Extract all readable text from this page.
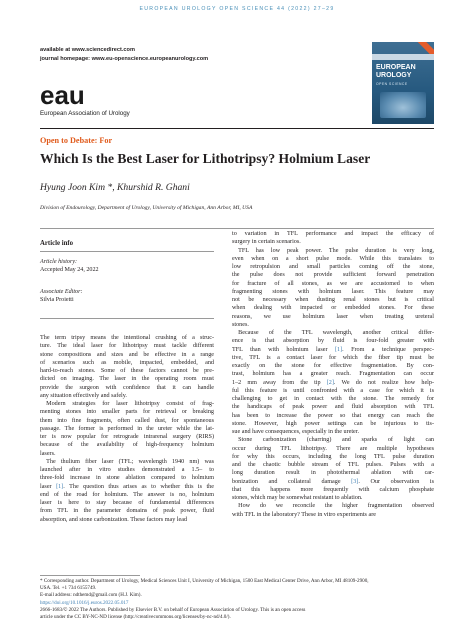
EUROPEAN UROLOGY OPEN SCIENCE 44 (2022) 27–29
available at www.sciencedirect.com
journal homepage: www.eu-openscience.europeanurology.com
eau
European Association of Urology
EUROPEAN
UROLOGY
OPEN SCIENCE
Open to Debate: For
Which Is the Best Laser for Lithotripsy? Holmium Laser
Hyung Joon Kim *, Khurshid R. Ghani
Division of Endourology, Department of Urology, University of Michigan, Ann Arbor, MI, USA
Article info
Article history:
Accepted May 24, 2022
Associate Editor:
Silvia Proietti
The term tripsy means the intentional crushing of a struc-
ture. The ideal laser for lithotripsy must tackle different
stone compositions and sizes and be effective in a range
of scenarios such as mobile, impacted, embedded, and
hard-to-reach stones. Some of these factors cannot be pre-
dicted on imaging. The laser in the operating room must
provide the surgeon with confidence that it can handle
any situation effectively and safely.
 Modern strategies for laser lithotripsy consist of frag-
menting stones into smaller parts for retrieval or breaking
them into fine fragments, often called dust, for spontaneous
passage. The former is performed in the ureter while the lat-
ter is now popular for retrograde intrarenal surgery (RIRS)
because of the availability of high-frequency holmium
lasers.
 The thulium fiber laser (TFL; wavelength 1940 nm) was
launched after in vitro studies demonstrated a 1.5– to
three-fold increase in stone ablation compared to holmium
laser [1]. The question thus arises as to whether this is the
end of the road for holmium. The answer is no, holmium
laser is here to stay because of fundamental differences
from TFL in the parameter domains of peak power, fluid
absorption, and stone carbonization. These factors may lead
to variation in TFL performance and impact the efficacy of
surgery in certain scenarios.
 TFL has low peak power. The pulse duration is very long,
even when on a short pulse mode. While this translates to
low retropulsion and small particles coming off the stone,
the pulse does not provide sufficient forward penetration
for fracture of all stones, as we are accustomed to when
fragmenting stones with holmium laser. This feature may
not be necessary when dusting renal stones but is critical
when dealing with impacted or embedded stones. For these
reasons, we use holmium laser when treating ureteral
stones.
 Because of the TFL wavelength, another critical differ-
ence is that absorption by fluid is four-fold greater with
TFL than with holmium laser [1]. From a technique perspec-
tive, TFL is a contact laser for which the fiber tip must be
exactly on the stone for effective fragmentation. By con-
trast, holmium has a greater reach. Fragmentation can occur
1–2 mm away from the tip [2]. We do not realize how help-
ful this feature is until confronted with a case for which it is
challenging to get in contact with the stone. The remedy for
the handicaps of peak power and fluid absorption with TFL
has been to increase the power so that energy can reach the
stone. However, high power settings can be injurious to tis-
sue and have consequences, especially in the ureter.
 Stone carbonization (charring) and sparks of light can
occur during TFL lithotripsy. There are multiple hypotheses
for why this occurs, including the long TFL pulse duration
and the chaotic bubble stream of TFL pulses. Pulses with a
long duration result in photothermal ablation with car-
bonization and collateral damage [3]. Our observation is
that this happens more frequently with calcium phosphate
stones, which may be somewhat resistant to ablation.
 How do we reconcile the higher fragmentation observed
with TFL in the laboratory? These in vitro experiments are
* Corresponding author. Department of Urology, Medical Sciences Unit I, University of Michigan, 1500 East Medical Center Drive, Ann Arbor, MI 48109-2900,
USA. Tel. +1 734 6155749.
E-mail address: ndthemd@gmail.com (H.J. Kim).
https://doi.org/10.1016/j.euros.2022.05.017
2666-1683/© 2022 The Authors. Published by Elsevier B.V. on behalf of European Association of Urology. This is an open access
article under the CC BY-NC-ND license (http://creativecommons.org/licenses/by-nc-nd/4.0/).
